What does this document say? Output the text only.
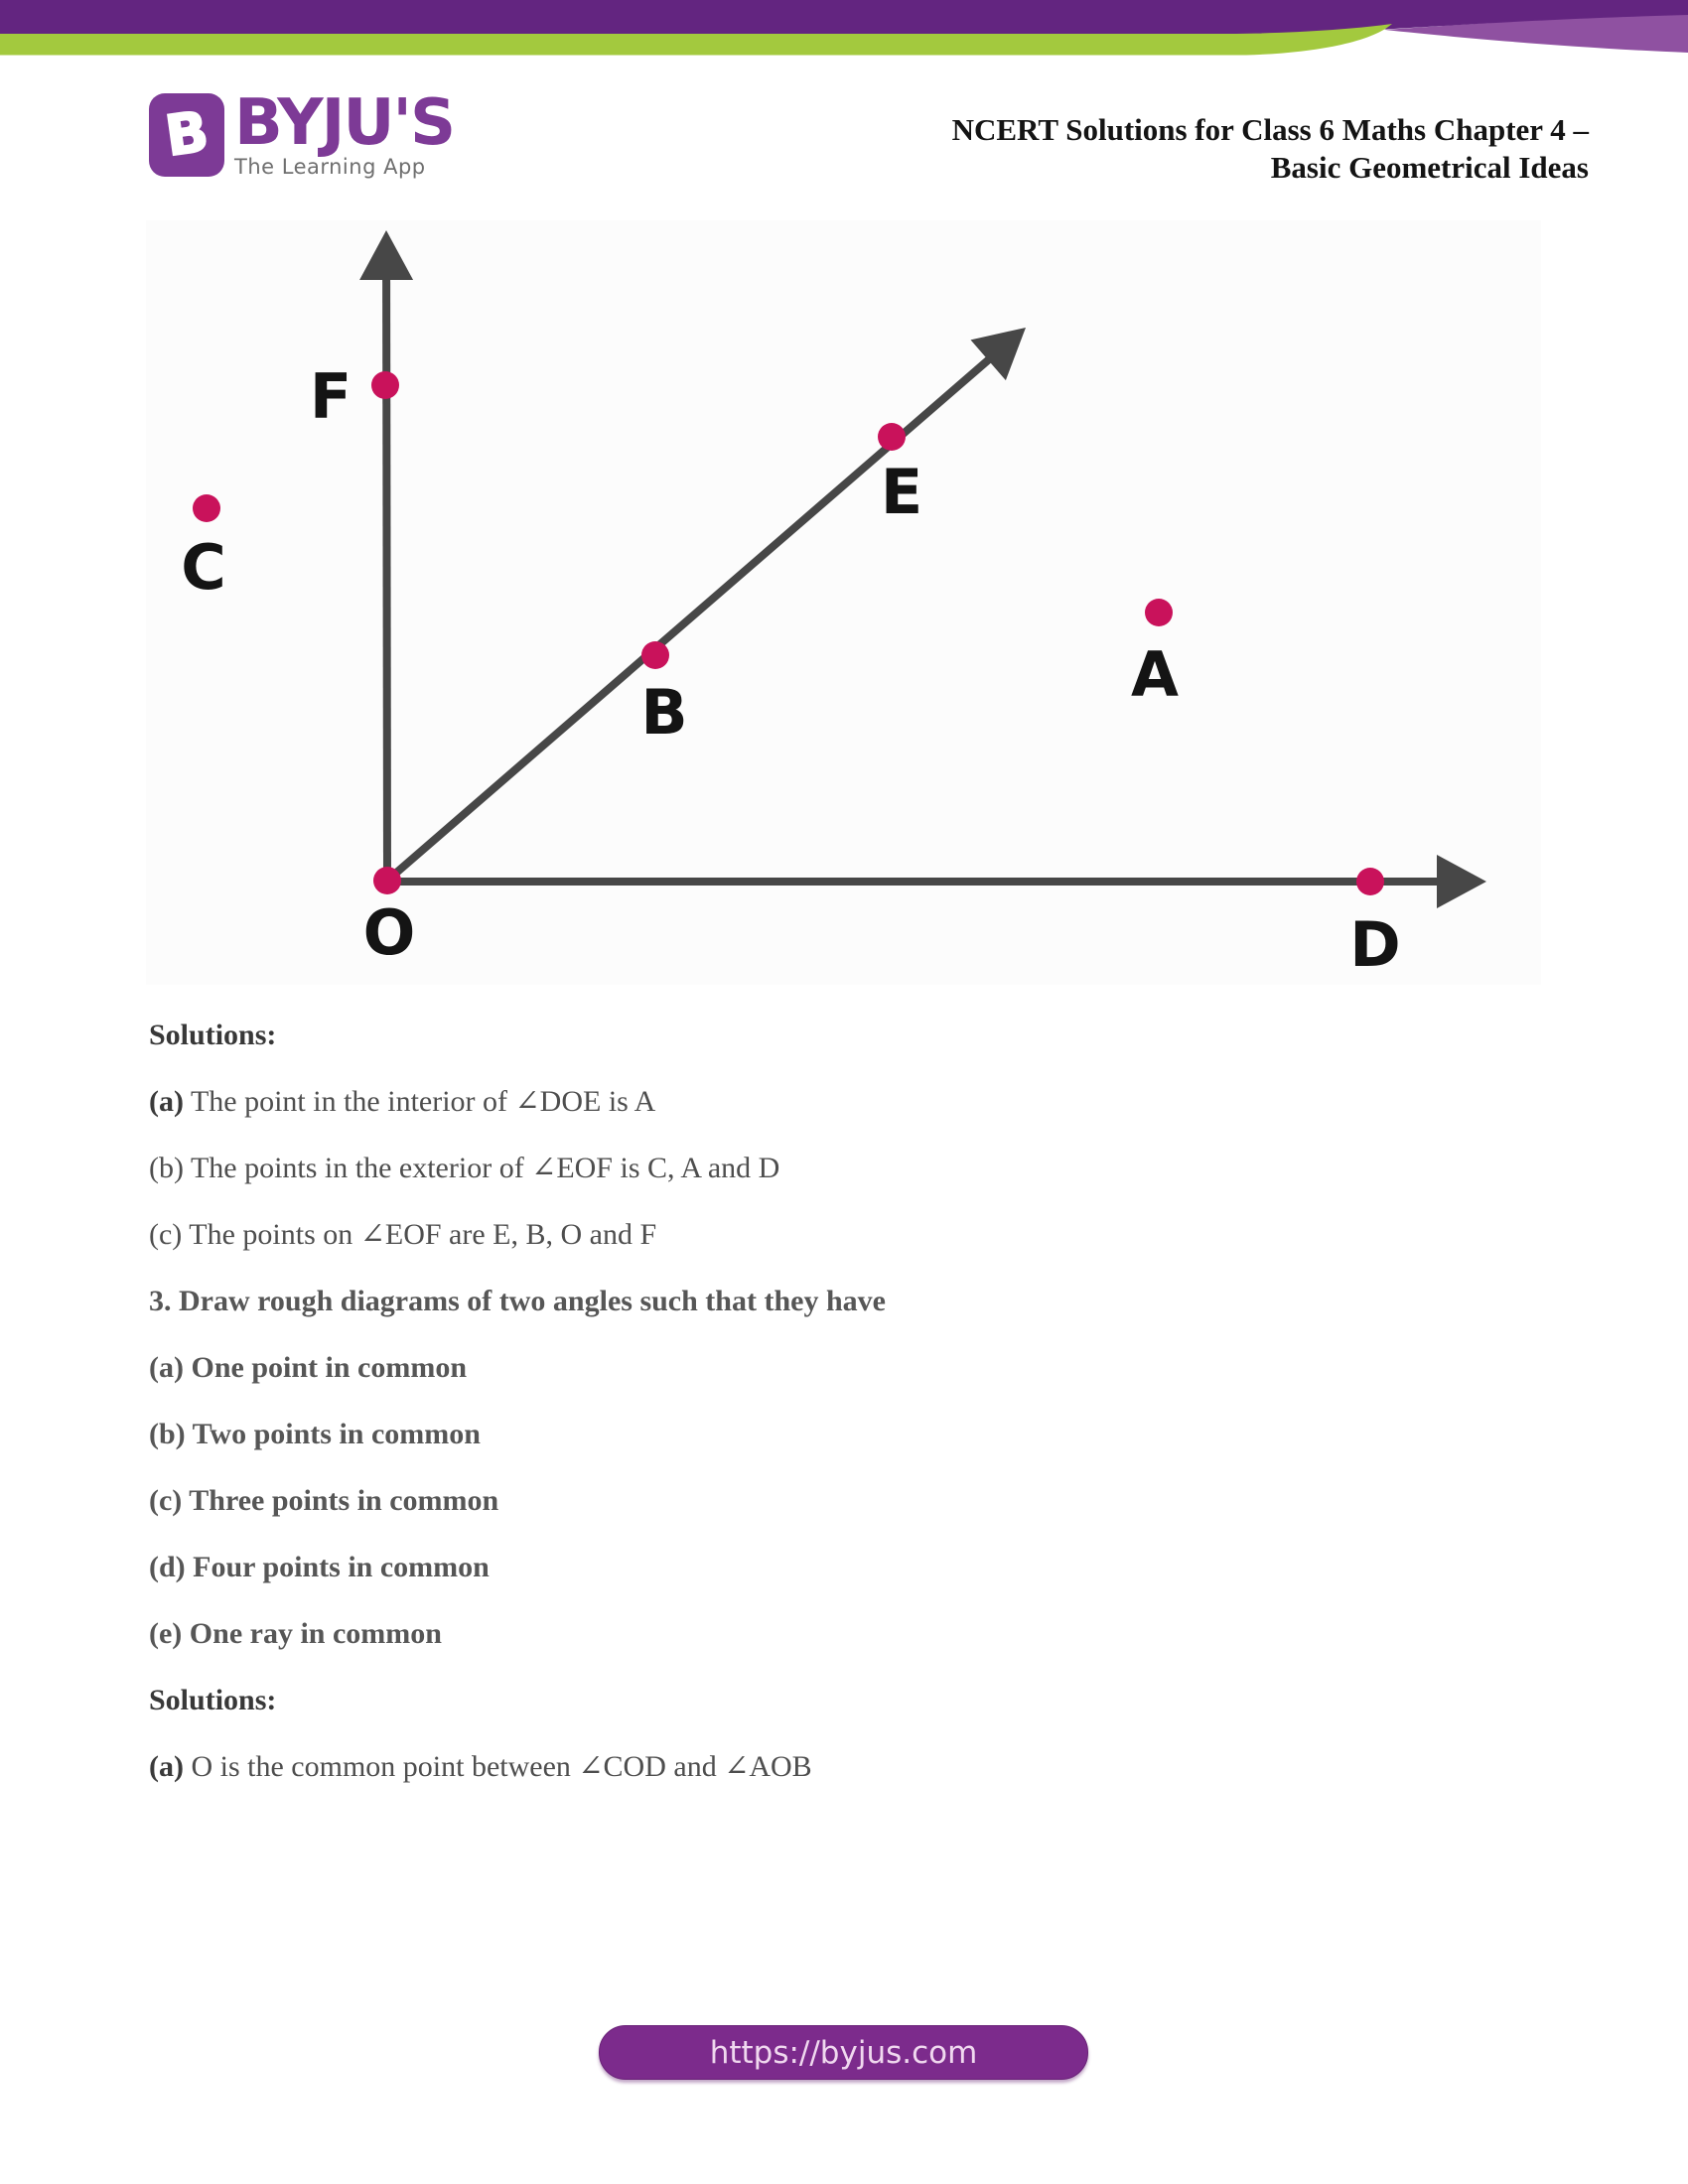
B BYJU'S
The Learning App
NCERT Solutions for Class 6 Maths Chapter 4 –
Basic Geometrical Ideas
F
C
E
B
A
O	D

Solutions:

(a) The point in the interior of ∠DOE is A

(b) The points in the exterior of ∠EOF is C, A and D

(c) The points on ∠EOF are E, B, O and F

3. Draw rough diagrams of two angles such that they have

(a) One point in common

(b) Two points in common

(c) Three points in common

(d) Four points in common

(e) One ray in common

Solutions:

(a) O is the common point between ∠COD and ∠AOB

https://byjus.com
